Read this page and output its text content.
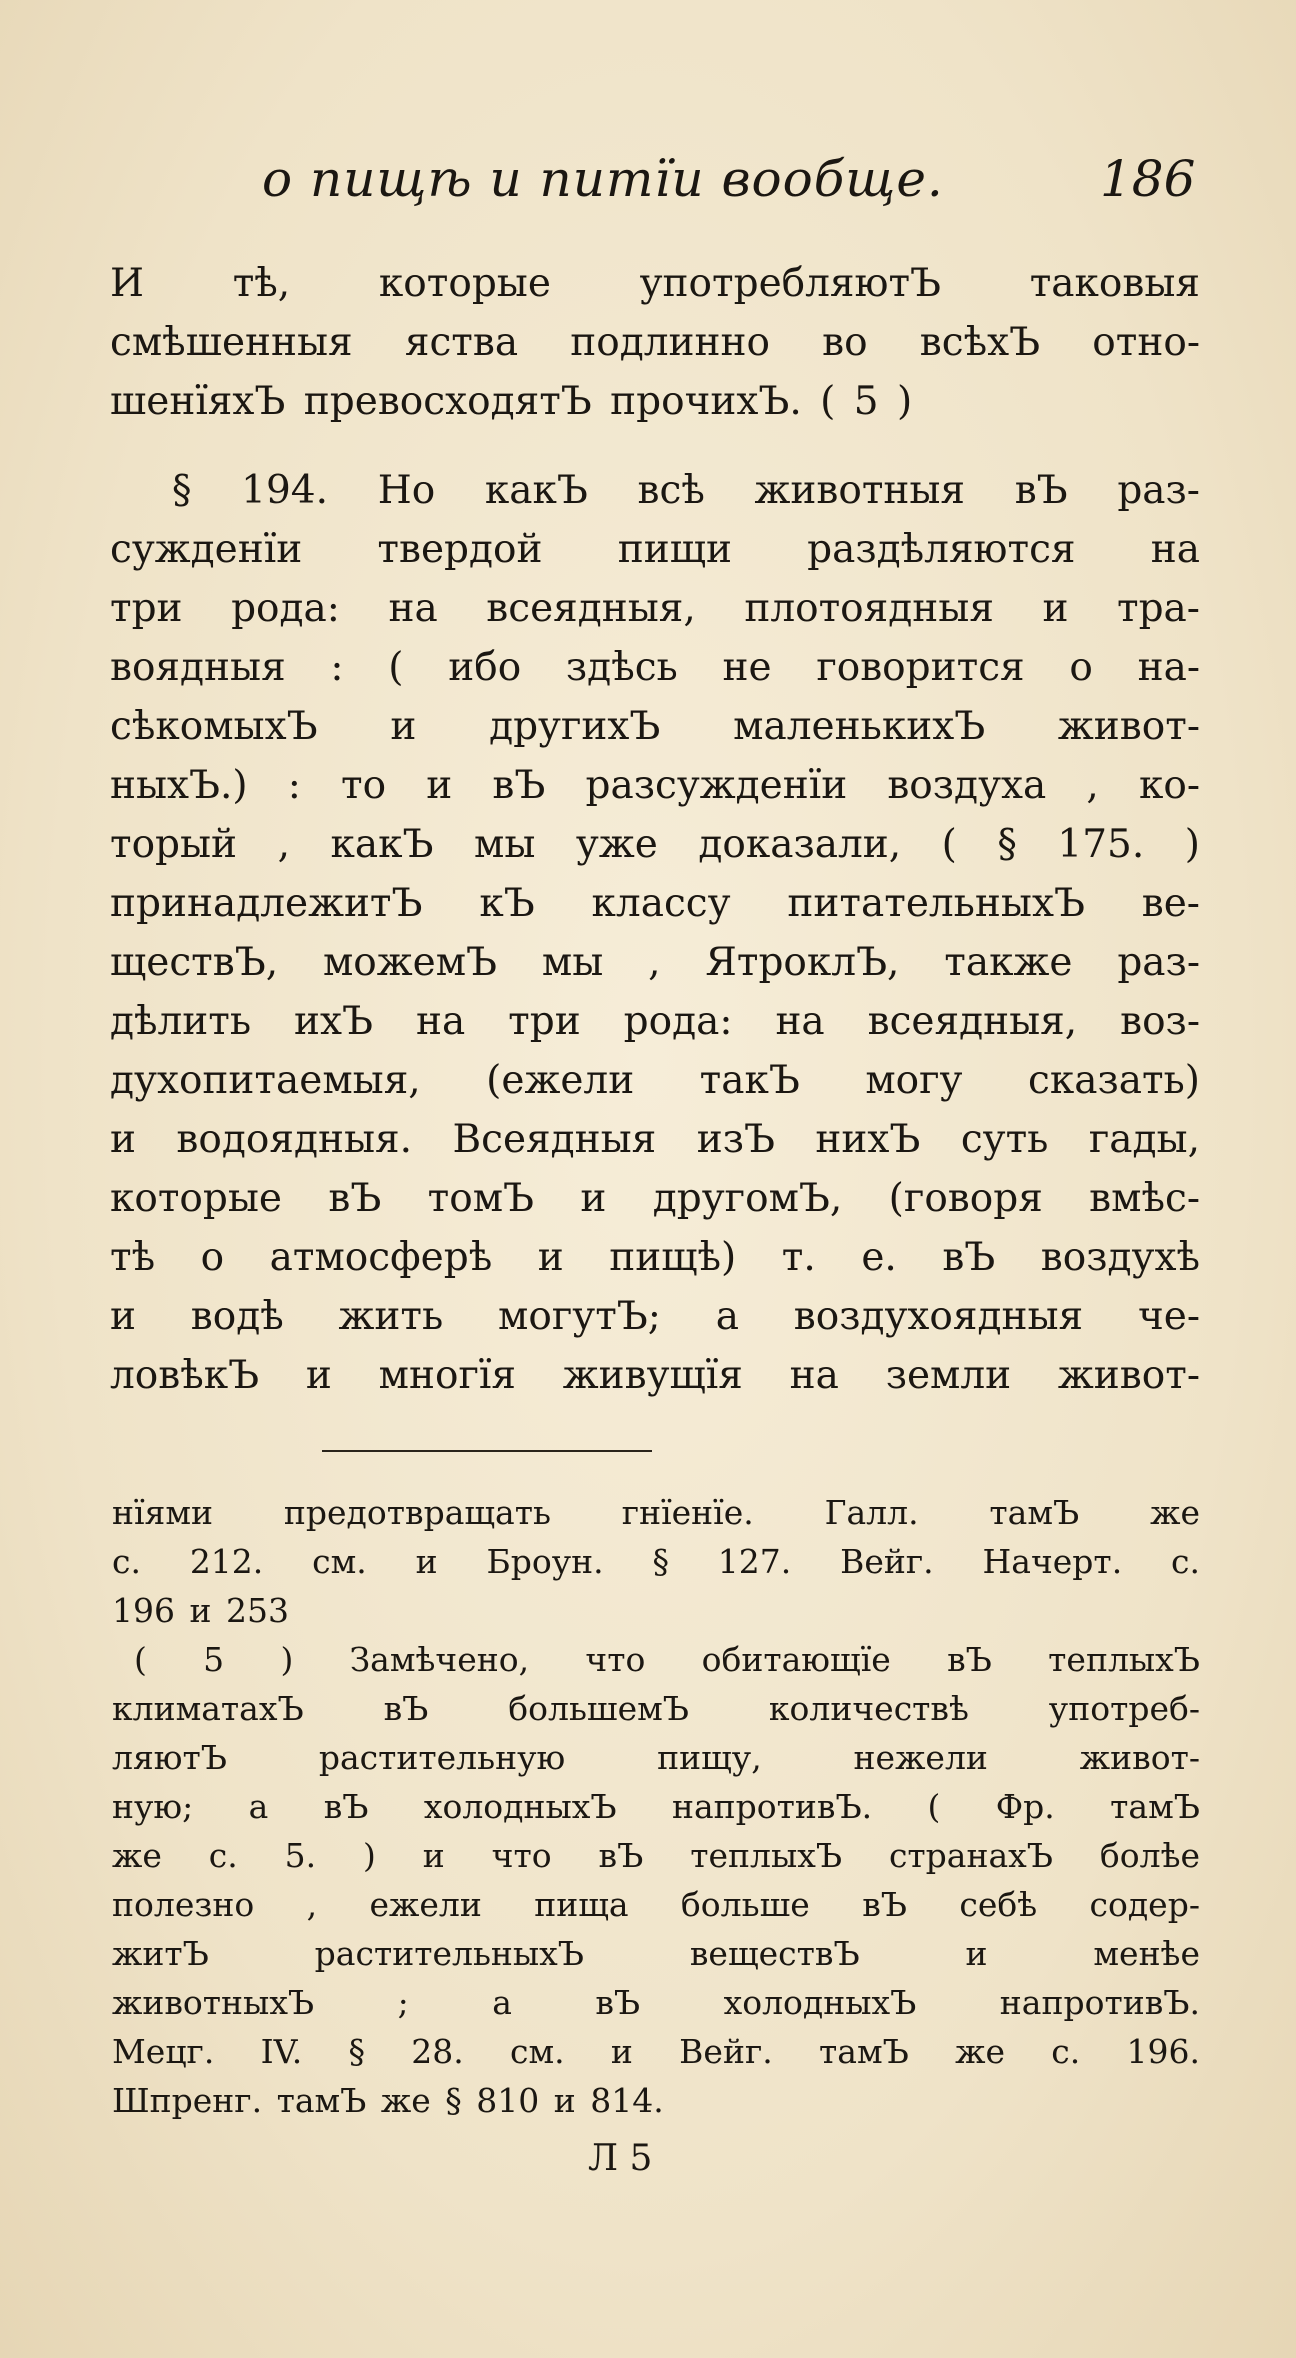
о пищѣ и питїи вообще.	186
И тѣ, которые употребляютЪ таковыя
смѣшенныя яства подлинно во всѣхЪ отно-
шенїяхЪ превосходятЪ прочихЪ. ( 5 )
§ 194. Но какЪ всѣ животныя вЪ раз-
сужденїи твердой пищи раздѣляются на
три рода: на всеядныя, плотоядныя и тра-
воядныя : ( ибо здѣсь не говорится о на-
сѣкомыхЪ и другихЪ маленькихЪ живот-
ныхЪ.) : то и вЪ разсужденїи воздуха , ко-
торый , какЪ мы уже доказали, ( § 175. )
принадлежитЪ кЪ классу питательныхЪ ве-
ществЪ, можемЪ мы , ЯтроклЪ, также раз-
дѣлить ихЪ на три рода: на всеядныя, воз-
духопитаемыя, (ежели такЪ могу сказать)
и водоядныя. Всеядныя изЪ нихЪ суть гады,
которые вЪ томЪ и другомЪ, (говоря вмѣс-
тѣ о атмосферѣ и пищѣ) т. е. вЪ воздухѣ
и водѣ жить могутЪ; а воздухоядныя че-
ловѣкЪ и многїя живущїя на земли живот-
нїями предотвращать гнїенїе. Галл. тамЪ же
с. 212. см. и Броун. § 127. Вейг. Начерт. с.
196 и 253
( 5 ) Замѣчено, что обитающїе вЪ теплыхЪ
климатахЪ вЪ большемЪ количествѣ употреб-
ляютЪ растительную пищу, нежели живот-
ную; а вЪ холодныхЪ напротивЪ. ( Фр. тамЪ
же с. 5. ) и что вЪ теплыхЪ странахЪ болѣе
полезно , ежели пища больше вЪ себѣ содер-
житЪ растительныхЪ веществЪ и менѣе
животныхЪ ; а вЪ холодныхЪ напротивЪ.
Мецг. IV. § 28. см. и Вейг. тамЪ же с. 196.
Шпренг. тамЪ же § 810 и 814.
Л 5
